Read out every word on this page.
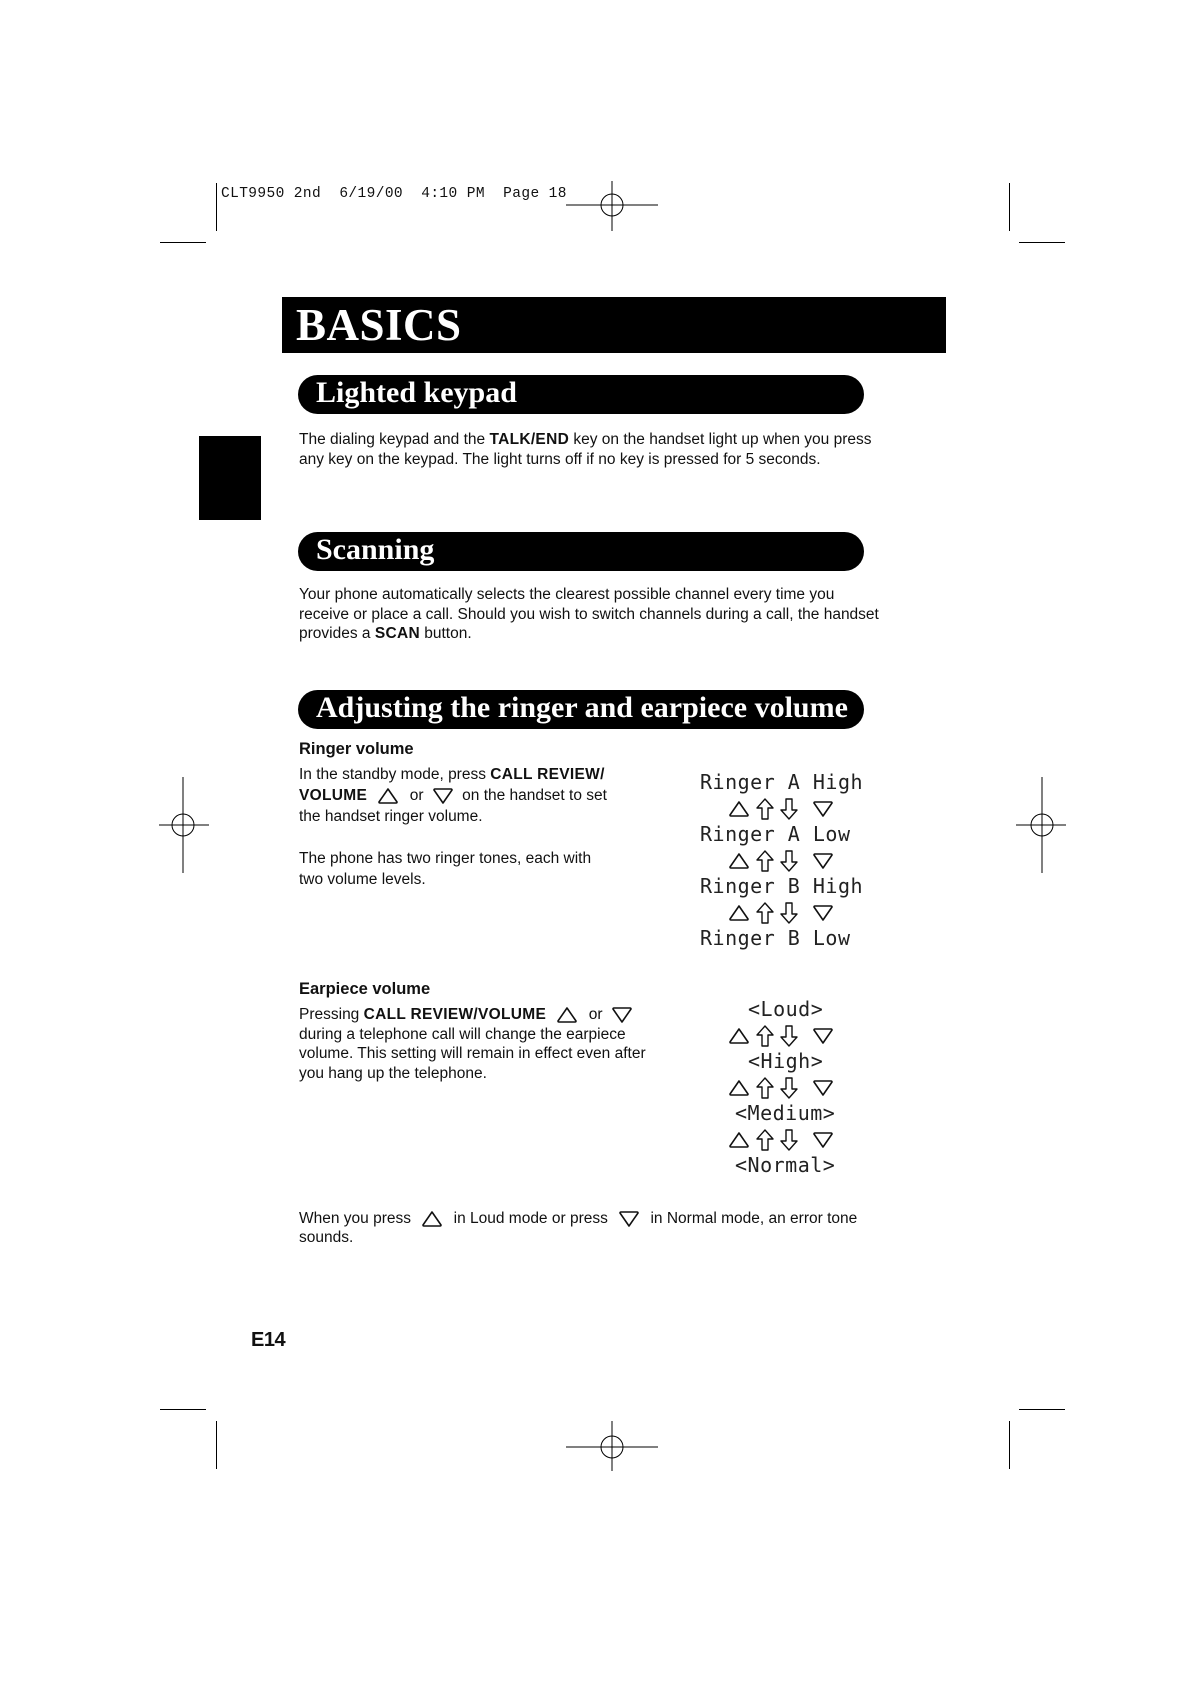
CLT9950 2nd  6/19/00  4:10 PM  Page 18
BASICS
Lighted keypad
The dialing keypad and the TALK/END key on the handset light up when you press
any key on the keypad. The light turns off if no key is pressed for 5 seconds.
Scanning
Your phone automatically selects the clearest possible channel every time you
receive or place a call. Should you wish to switch channels during a call, the handset
provides a SCAN button.
Adjusting the ringer and earpiece volume
Ringer volume
In the standby mode, press CALL REVIEW/
VOLUME	or on the handset to set
the handset ringer volume.
The phone has two ringer tones, each with
two volume levels.
Ringer A High
Ringer A Low
Ringer B High
Ringer B Low
Earpiece volume
Pressing CALL REVIEW/VOLUME	or
during a telephone call will change the earpiece
volume. This setting will remain in effect even after
you hang up the telephone.
<Loud>
<High>
<Medium>
<Normal>
When you press	in Loud mode or press	in Normal mode, an error tone
sounds.
E14
